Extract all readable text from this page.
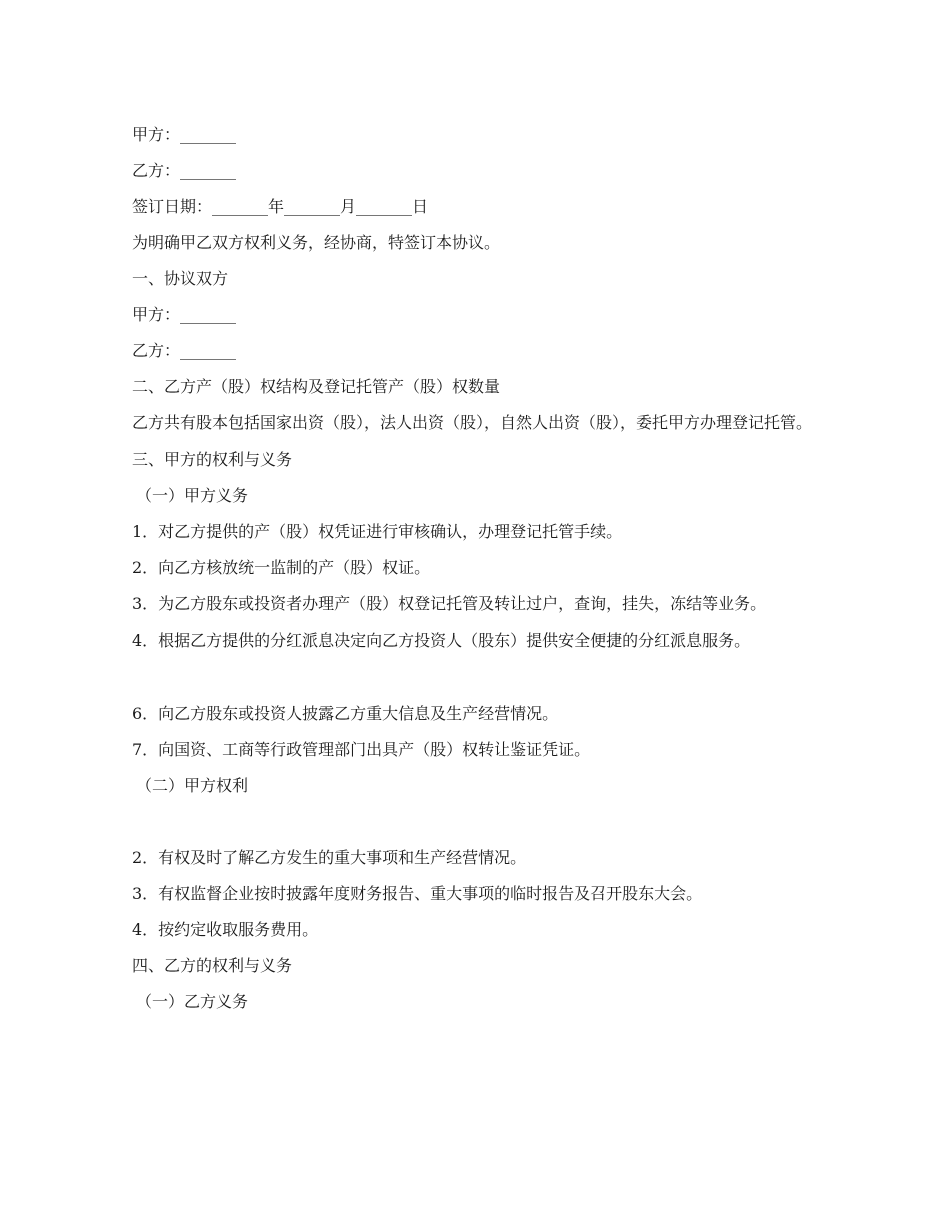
甲方：_______

乙方：_______

签订日期：_______年_______月_______日

为明确甲乙双方权利义务，经协商，特签订本协议。

一、协议双方

甲方：_______

乙方：_______

二、乙方产（股）权结构及登记托管产（股）权数量

乙方共有股本包括国家出资（股），法人出资（股），自然人出资（股），委托甲方办理登记托管。

三、甲方的权利与义务

（一）甲方义务

1．对乙方提供的产（股）权凭证进行审核确认，办理登记托管手续。

2．向乙方核放统一监制的产（股）权证。

3．为乙方股东或投资者办理产（股）权登记托管及转让过户，查询，挂失，冻结等业务。

4．根据乙方提供的分红派息决定向乙方投资人（股东）提供安全便捷的分红派息服务。

6．向乙方股东或投资人披露乙方重大信息及生产经营情况。

7．向国资、工商等行政管理部门出具产（股）权转让鉴证凭证。

（二）甲方权利

2．有权及时了解乙方发生的重大事项和生产经营情况。

3．有权监督企业按时披露年度财务报告、重大事项的临时报告及召开股东大会。

4．按约定收取服务费用。

四、乙方的权利与义务

（一）乙方义务
